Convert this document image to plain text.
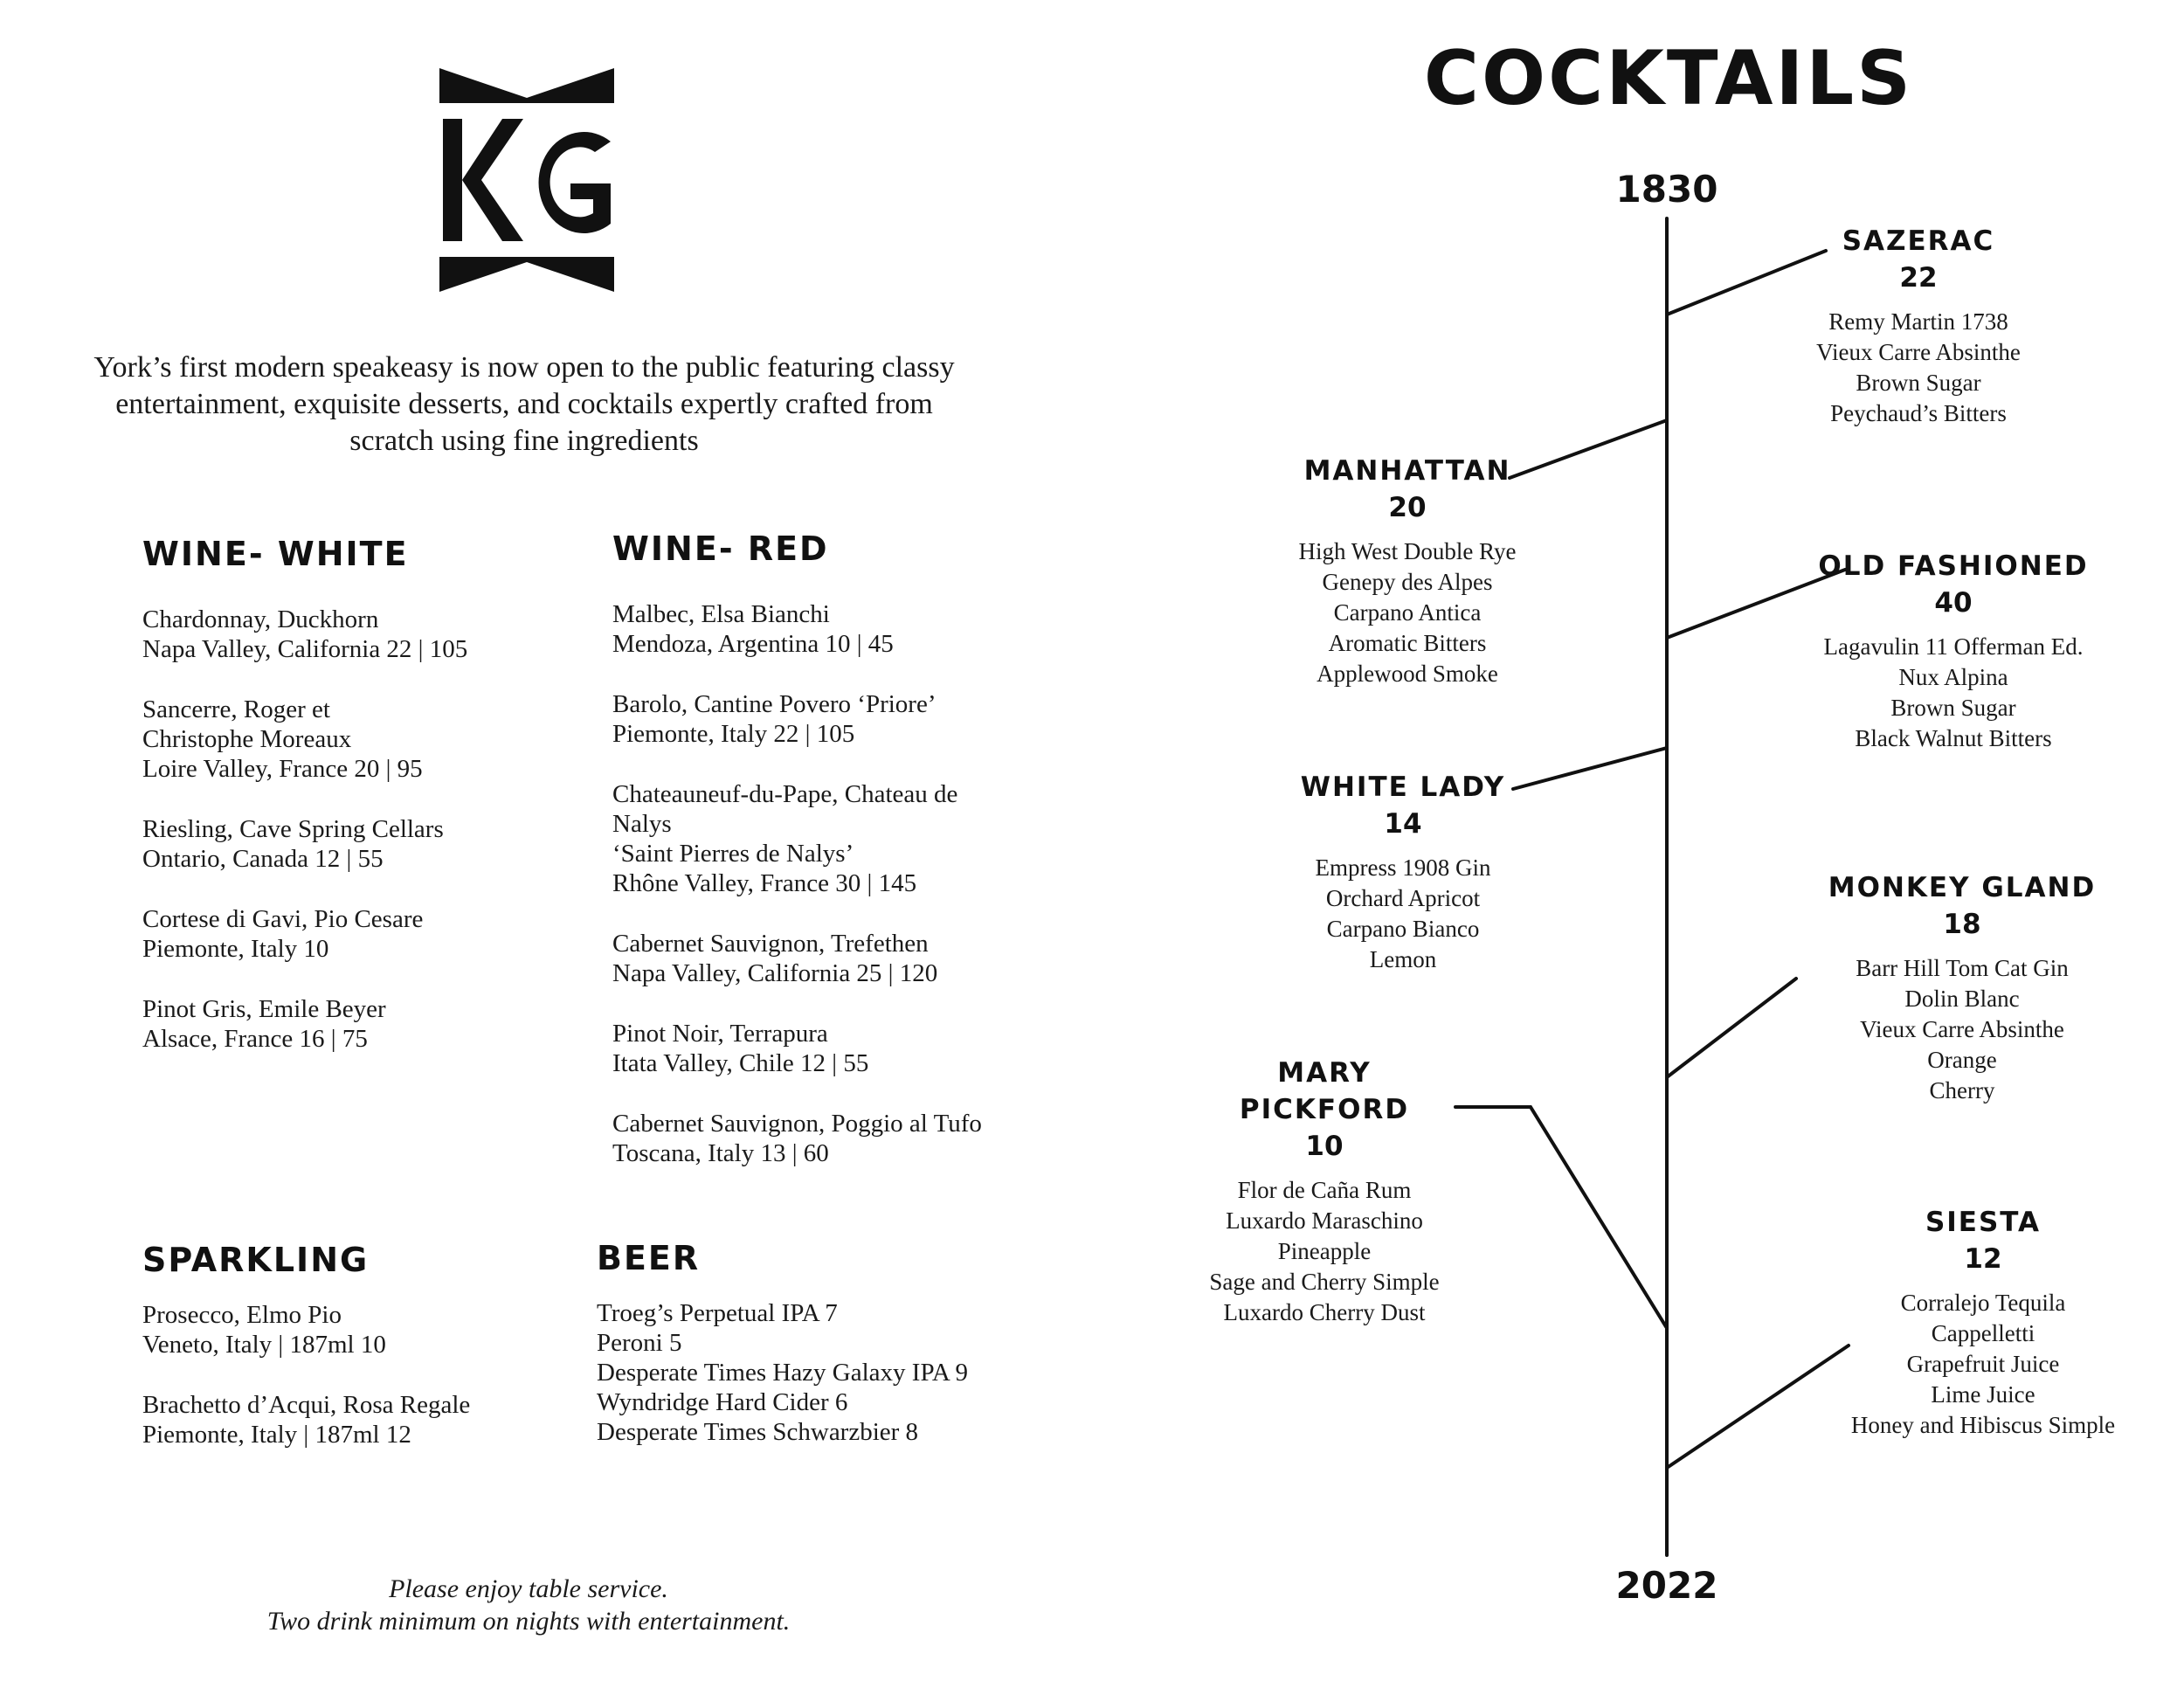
York’s first modern speakeasy is now open to the public featuring classy entertainment, exquisite desserts, and cocktails expertly crafted from scratch using fine ingredients
WINE- WHITE
Chardonnay, Duckhorn
Napa Valley, California 22 | 105
Sancerre, Roger et
Christophe Moreaux
Loire Valley, France 20 | 95
Riesling, Cave Spring Cellars
Ontario, Canada 12 | 55
Cortese di Gavi, Pio Cesare
Piemonte, Italy 10
Pinot Gris, Emile Beyer
Alsace, France 16 | 75
WINE- RED
Malbec, Elsa Bianchi
Mendoza, Argentina 10 | 45
Barolo, Cantine Povero ‘Priore’
Piemonte, Italy 22 | 105
Chateauneuf-du-Pape, Chateau de
Nalys
‘Saint Pierres de Nalys’
Rhône Valley, France 30 | 145
Cabernet Sauvignon, Trefethen
Napa Valley, California 25 | 120
Pinot Noir, Terrapura
Itata Valley, Chile 12 | 55
Cabernet Sauvignon, Poggio al Tufo
Toscana, Italy 13 | 60
SPARKLING
Prosecco, Elmo Pio
Veneto, Italy | 187ml 10
Brachetto d’Acqui, Rosa Regale
Piemonte, Italy | 187ml 12
BEER
Troeg’s Perpetual IPA 7
Peroni 5
Desperate Times Hazy Galaxy IPA 9
Wyndridge Hard Cider 6
Desperate Times Schwarzbier 8
Please enjoy table service.
Two drink minimum on nights with entertainment.
COCKTAILS
1830
2022
SAZERAC
22
Remy Martin 1738
Vieux Carre Absinthe
Brown Sugar
Peychaud’s Bitters
MANHATTAN
20
High West Double Rye
Genepy des Alpes
Carpano Antica
Aromatic Bitters
Applewood Smoke
OLD FASHIONED
40
Lagavulin 11 Offerman Ed.
Nux Alpina
Brown Sugar
Black Walnut Bitters
WHITE LADY
14
Empress 1908 Gin
Orchard Apricot
Carpano Bianco
Lemon
MONKEY GLAND
18
Barr Hill Tom Cat Gin
Dolin Blanc
Vieux Carre Absinthe
Orange
Cherry
MARY
PICKFORD
10
Flor de Caña Rum
Luxardo Maraschino
Pineapple
Sage and Cherry Simple
Luxardo Cherry Dust
SIESTA
12
Corralejo Tequila
Cappelletti
Grapefruit Juice
Lime Juice
Honey and Hibiscus Simple
